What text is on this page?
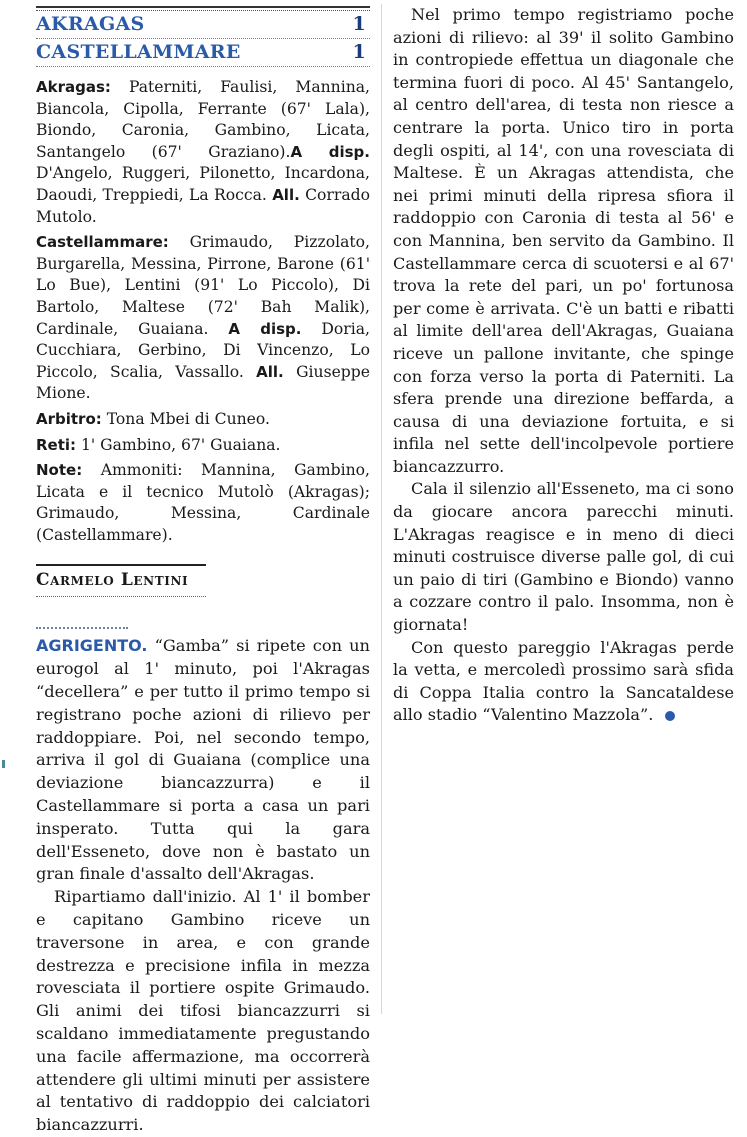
AKRAGAS	1
CASTELLAMMARE	1

Akragas: Paterniti, Faulisi, Mannina, Biancola, Cipolla, Ferrante (67' Lala), Biondo, Caronia, Gambino, Licata, Santangelo (67' Graziano).A disp. D'Angelo, Ruggeri, Pilonetto, Incardona, Daoudi, Treppiedi, La Rocca. All. Corrado Mutolo.

Castellammare: Grimaudo, Pizzolato, Burgarella, Messina, Pirrone, Barone (61' Lo Bue), Lentini (91' Lo Piccolo), Di Bartolo, Maltese (72' Bah Malik), Cardinale, Guaiana. A disp. Doria, Cucchiara, Gerbino, Di Vincenzo, Lo Piccolo, Scalia, Vassallo. All. Giuseppe Mione.

Arbitro: Tona Mbei di Cuneo.

Reti: 1' Gambino, 67' Guaiana.

Note: Ammoniti: Mannina, Gambino, Licata e il tecnico Mutolò (Akragas); Grimaudo, Messina, Cardinale (Castellammare).

Carmelo Lentini

AGRIGENTO. “Gamba” si ripete con un eurogol al 1' minuto, poi l'Akragas “decellera” e per tutto il primo tempo si registrano poche azioni di rilievo per raddoppiare. Poi, nel secondo tempo, arriva il gol di Guaiana (complice una deviazione biancazzurra) e il Castellammare si porta a casa un pari insperato. Tutta qui la gara dell'Esseneto, dove non è bastato un gran finale d'assalto dell'Akragas.

Ripartiamo dall'inizio. Al 1' il bomber e capitano Gambino riceve un traversone in area, e con grande destrezza e precisione infila in mezza rovesciata il portiere ospite Grimaudo. Gli animi dei tifosi biancazzurri si scaldano immediatamente pregustando una facile affermazione, ma occorrerà attendere gli ultimi minuti per assistere al tentativo di raddoppio dei calciatori biancazzurri.

Nel primo tempo registriamo poche azioni di rilievo: al 39' il solito Gambino in contropiede effettua un diagonale che termina fuori di poco. Al 45' Santangelo, al centro dell'area, di testa non riesce a centrare la porta. Unico tiro in porta degli ospiti, al 14', con una rovesciata di Maltese. È un Akragas attendista, che nei primi minuti della ripresa sfiora il raddoppio con Caronia di testa al 56' e con Mannina, ben servito da Gambino. Il Castellammare cerca di scuotersi e al 67' trova la rete del pari, un po' fortunosa per come è arrivata. C'è un batti e ribatti al limite dell'area dell'Akragas, Guaiana riceve un pallone invitante, che spinge con forza verso la porta di Paterniti. La sfera prende una direzione beffarda, a causa di una deviazione fortuita, e si infila nel sette dell'incolpevole portiere biancazzurro.

Cala il silenzio all'Esseneto, ma ci sono da giocare ancora parecchi minuti. L'Akragas reagisce e in meno di dieci minuti costruisce diverse palle gol, di cui un paio di tiri (Gambino e Biondo) vanno a cozzare contro il palo. Insomma, non è giornata!

Con questo pareggio l'Akragas perde la vetta, e mercoledì prossimo sarà sfida di Coppa Italia contro la Sancataldese allo stadio “Valentino Mazzola”.
